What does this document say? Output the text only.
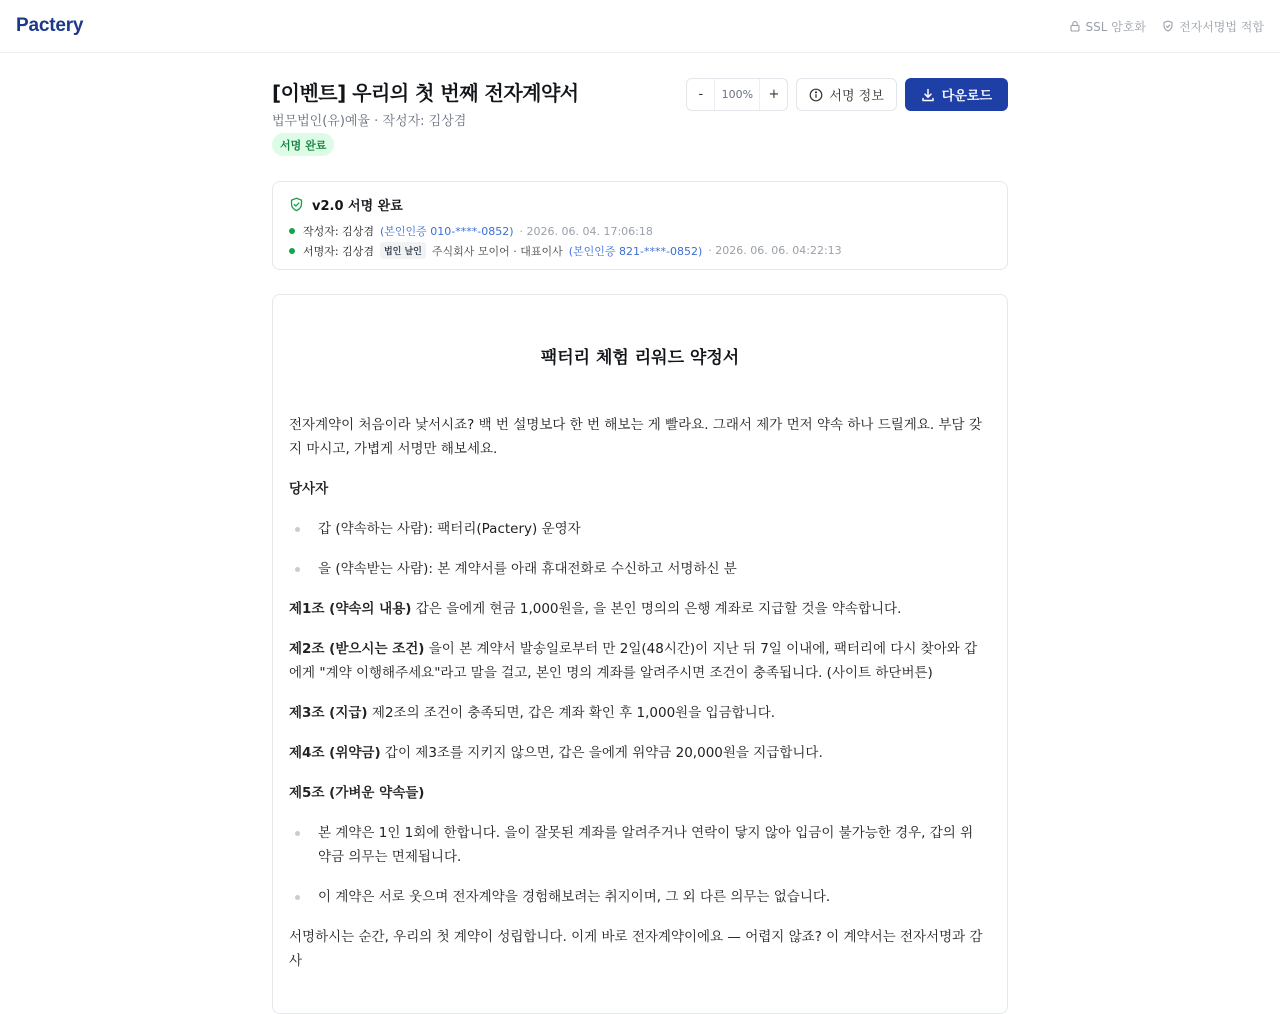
Pactery	SSL 암호화	전자서명법 적합
[이벤트] 우리의 첫 번째 전자계약서
법무법인(유)예율 · 작성자: 김상겸
서명 완료
-	100%	+	서명 정보	다운로드
v2.0 서명 완료
작성자: 김상겸 (본인인증 010-****-0852) · 2026. 06. 04. 17:06:18
서명자: 김상겸	법인 날인 주식회사 모이어 · 대표이사 (본인인증 821-****-0852) · 2026. 06. 06. 04:22:13
팩터리 체험 리워드 약정서
전자계약이 처음이라 낯서시죠? 백 번 설명보다 한 번 해보는 게 빨라요. 그래서 제가 먼저 약속 하나 드릴게요. 부담 갖지 마시고, 가볍게 서명만 해보세요.
당사자
갑 (약속하는 사람): 팩터리(Pactery) 운영자
을 (약속받는 사람): 본 계약서를 아래 휴대전화로 수신하고 서명하신 분
제1조 (약속의 내용) 갑은 을에게 현금 1,000원을, 을 본인 명의의 은행 계좌로 지급할 것을 약속합니다.
제2조 (받으시는 조건) 을이 본 계약서 발송일로부터 만 2일(48시간)이 지난 뒤 7일 이내에, 팩터리에 다시 찾아와 갑에게 "계약 이행해주세요"라고 말을 걸고, 본인 명의 계좌를 알려주시면 조건이 충족됩니다. (사이트 하단버튼)
제3조 (지급) 제2조의 조건이 충족되면, 갑은 계좌 확인 후 1,000원을 입금합니다.
제4조 (위약금) 갑이 제3조를 지키지 않으면, 갑은 을에게 위약금 20,000원을 지급합니다.
제5조 (가벼운 약속들)
본 계약은 1인 1회에 한합니다. 을이 잘못된 계좌를 알려주거나 연락이 닿지 않아 입금이 불가능한 경우, 갑의 위약금 의무는 면제됩니다.
이 계약은 서로 웃으며 전자계약을 경험해보려는 취지이며, 그 외 다른 의무는 없습니다.
서명하시는 순간, 우리의 첫 계약이 성립합니다. 이게 바로 전자계약이에요 — 어렵지 않죠? 이 계약서는 전자서명과 감사
